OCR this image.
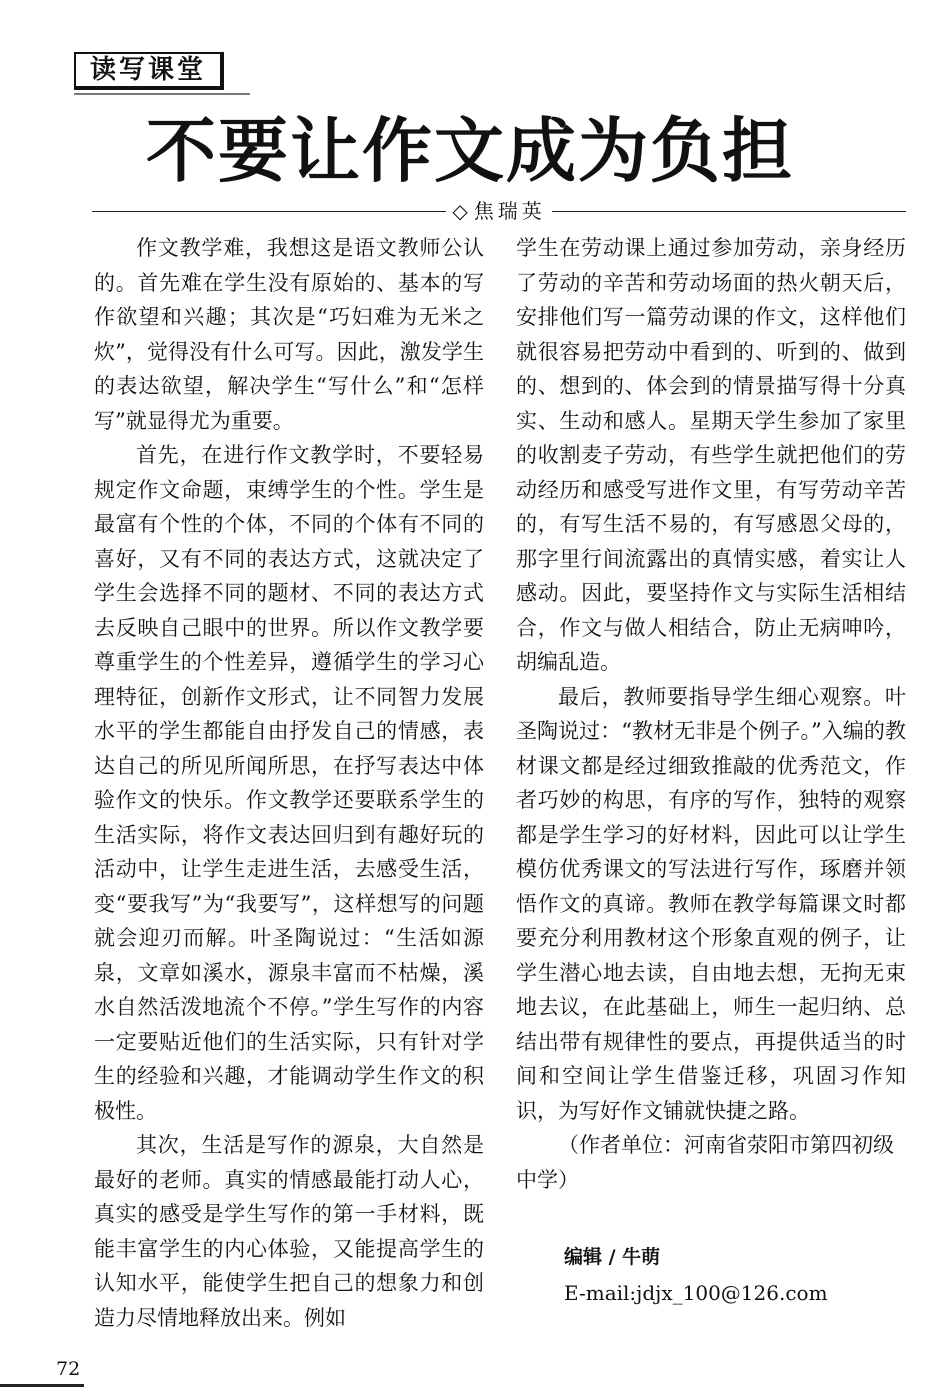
读写课堂
不要让作文成为负担
◇ 焦瑞英

作文教学难，我想这是语文教师公认的。首先难在学生没有原始的、基本的写作欲望和兴趣；其次是“巧妇难为无米之炊”，觉得没有什么可写。因此，激发学生的表达欲望，解决学生“写什么”和“怎样写”就显得尤为重要。

首先，在进行作文教学时，不要轻易规定作文命题，束缚学生的个性。学生是最富有个性的个体，不同的个体有不同的喜好，又有不同的表达方式，这就决定了学生会选择不同的题材、不同的表达方式去反映自己眼中的世界。所以作文教学要尊重学生的个性差异，遵循学生的学习心理特征，创新作文形式，让不同智力发展水平的学生都能自由抒发自己的情感，表达自己的所见所闻所思，在抒写表达中体验作文的快乐。作文教学还要联系学生的生活实际，将作文表达回归到有趣好玩的活动中，让学生走进生活，去感受生活，变“要我写”为“我要写”，这样想写的问题就会迎刃而解。叶圣陶说过：“生活如源泉，文章如溪水，源泉丰富而不枯燥，溪水自然活泼地流个不停。”学生写作的内容一定要贴近他们的生活实际，只有针对学生的经验和兴趣，才能调动学生作文的积极性。

其次，生活是写作的源泉，大自然是最好的老师。真实的情感最能打动人心，真实的感受是学生写作的第一手材料，既能丰富学生的内心体验，又能提高学生的认知水平，能使学生把自己的想象力和创造力尽情地释放出来。例如

学生在劳动课上通过参加劳动，亲身经历了劳动的辛苦和劳动场面的热火朝天后，安排他们写一篇劳动课的作文，这样他们就很容易把劳动中看到的、听到的、做到的、想到的、体会到的情景描写得十分真实、生动和感人。星期天学生参加了家里的收割麦子劳动，有些学生就把他们的劳动经历和感受写进作文里，有写劳动辛苦的，有写生活不易的，有写感恩父母的，那字里行间流露出的真情实感，着实让人感动。因此，要坚持作文与实际生活相结合，作文与做人相结合，防止无病呻吟，胡编乱造。

最后，教师要指导学生细心观察。叶圣陶说过：“教材无非是个例子。”入编的教材课文都是经过细致推敲的优秀范文，作者巧妙的构思，有序的写作，独特的观察都是学生学习的好材料，因此可以让学生模仿优秀课文的写法进行写作，琢磨并领悟作文的真谛。教师在教学每篇课文时都要充分利用教材这个形象直观的例子，让学生潜心地去读，自由地去想，无拘无束地去议，在此基础上，师生一起归纳、总结出带有规律性的要点，再提供适当的时间和空间让学生借鉴迁移，巩固习作知识，为写好作文铺就快捷之路。

（作者单位：河南省荥阳市第四初级中学）

编辑 / 牛萌
E-mail:jdjx_100@126.com
72
